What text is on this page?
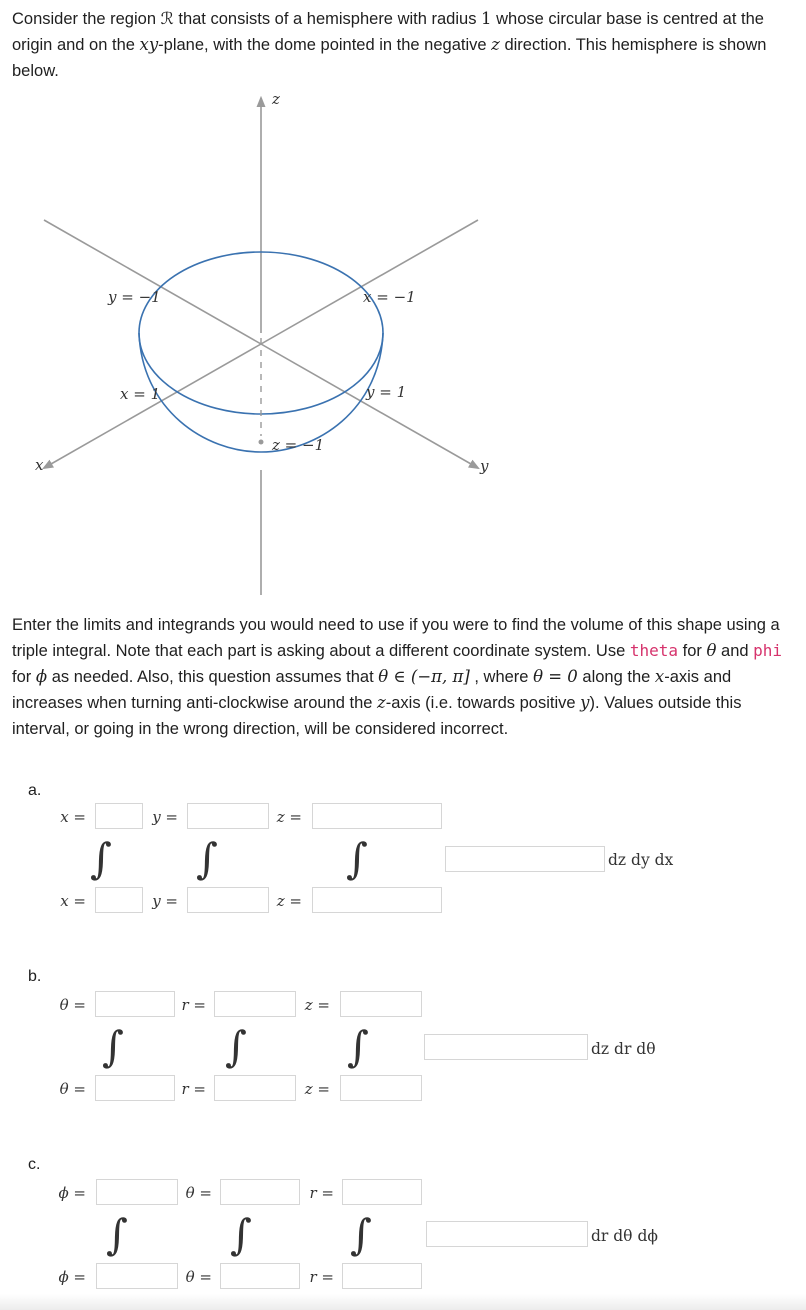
Consider the region ℛ that consists of a hemisphere with radius 1 whose circular base is centred at the origin and on the xy-plane, with the dome pointed in the negative z direction. This hemisphere is shown below.
z
x	y
y = −1	x = −1
x = 1	y = 1
z = −1
Enter the limits and integrands you would need to use if you were to find the volume of this shape using a triple integral. Note that each part is asking about a different coordinate system. Use theta for θ and phi for ϕ as needed. Also, this question assumes that θ ∈ (−π, π] , where θ = 0 along the x-axis and increases when turning anti-clockwise around the z-axis (i.e. towards positive y). Values outside this interval, or going in the wrong direction, will be considered incorrect.
a.
x =	y =	z =
∫ ∫	∫	dz dy dx
x =	y =	z =
b.
θ =	r =	z =
∫ ∫ ∫	dz dr dθ
θ =	r =	z =
c.
ϕ =	θ =	r =
∫ ∫ ∫	dr dθ dϕ
ϕ =	θ =	r =
